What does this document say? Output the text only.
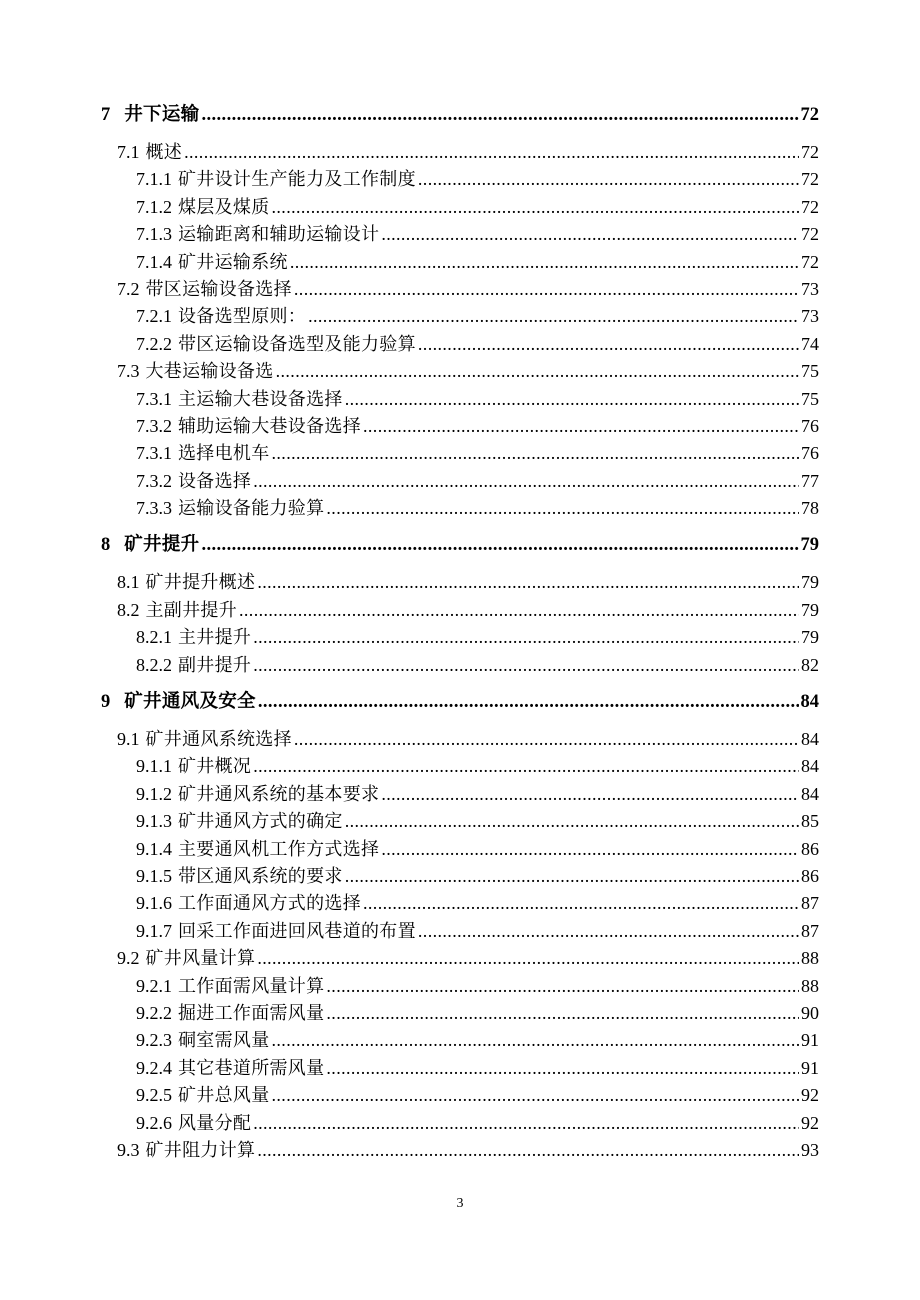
7 井下运输 .....	72
7.1 概述 .....	72
7.1.1 矿井设计生产能力及工作制度 .....	72
7.1.2 煤层及煤质 .....	72
7.1.3 运输距离和辅助运输设计 .....	72
7.1.4 矿井运输系统 .....	72
7.2 带区运输设备选择 .....	73
7.2.1 设备选型原则： .....	73
7.2.2 带区运输设备选型及能力验算 .....	74
7.3 大巷运输设备选 .....	75
7.3.1 主运输大巷设备选择 .....	75
7.3.2 辅助运输大巷设备选择 .....	76
7.3.1 选择电机车 .....	76
7.3.2 设备选择 .....	77
7.3.3 运输设备能力验算 .....	78
8 矿井提升 .....	79
8.1 矿井提升概述 .....	79
8.2 主副井提升 .....	79
8.2.1 主井提升 .....	79
8.2.2 副井提升 .....	82
9 矿井通风及安全 .....	84
9.1 矿井通风系统选择 .....	84
9.1.1 矿井概况 .....	84
9.1.2 矿井通风系统的基本要求 .....	84
9.1.3 矿井通风方式的确定 .....	85
9.1.4 主要通风机工作方式选择 .....	86
9.1.5 带区通风系统的要求 .....	86
9.1.6 工作面通风方式的选择 .....	87
9.1.7 回采工作面进回风巷道的布置 .....	87
9.2 矿井风量计算 .....	88
9.2.1 工作面需风量计算 .....	88
9.2.2 掘进工作面需风量 .....	90
9.2.3 硐室需风量 .....	91
9.2.4 其它巷道所需风量 .....	91
9.2.5 矿井总风量 .....	92
9.2.6 风量分配 .....	92
9.3 矿井阻力计算 .....	93
3
